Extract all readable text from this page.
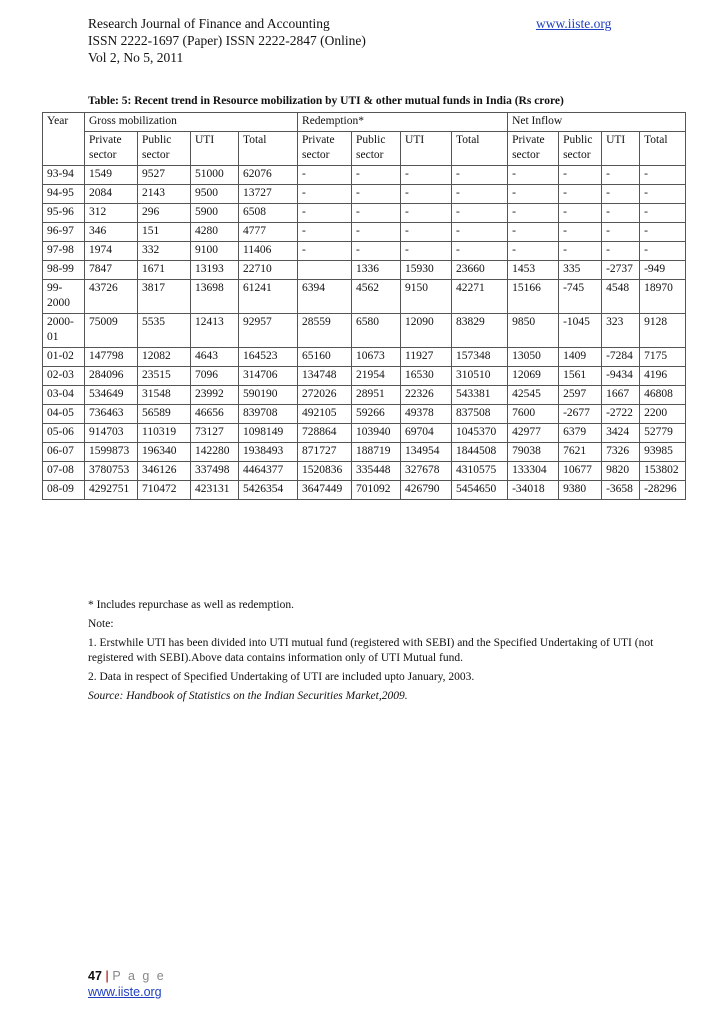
Research Journal of Finance and Accounting	www.iiste.org
ISSN 2222-1697 (Paper) ISSN 2222-2847 (Online)
Vol 2, No 5, 2011
Table: 5: Recent trend in Resource mobilization by UTI & other mutual funds in India (Rs crore)
Year	Gross mobilization				Redemption*				Net Inflow			
	Private sector	Public sector	UTI	Total	Private sector	Public sector	UTI	Total	Private sector	Public sector	UTI	Total
93-94	1549	9527	51000	62076	-	-	-	-	-	-	-	-
94-95	2084	2143	9500	13727	-	-	-	-	-	-	-	-
95-96	312	296	5900	6508	-	-	-	-	-	-	-	-
96-97	346	151	4280	4777	-	-	-	-	-	-	-	-
97-98	1974	332	9100	11406	-	-	-	-	-	-	-	-
98-99	7847	1671	13193	22710		1336	15930	23660	1453	335	-2737	-949
99-2000	43726	3817	13698	61241	6394	4562	9150	42271	15166	-745	4548	18970
2000-01	75009	5535	12413	92957	28559	6580	12090	83829	9850	-1045	323	9128
01-02	147798	12082	4643	164523	65160	10673	11927	157348	13050	1409	-7284	7175
02-03	284096	23515	7096	314706	134748	21954	16530	310510	12069	1561	-9434	4196
03-04	534649	31548	23992	590190	272026	28951	22326	543381	42545	2597	1667	46808
04-05	736463	56589	46656	839708	492105	59266	49378	837508	7600	-2677	-2722	2200
05-06	914703	110319	73127	1098149	728864	103940	69704	1045370	42977	6379	3424	52779
06-07	1599873	196340	142280	1938493	871727	188719	134954	1844508	79038	7621	7326	93985
07-08	3780753	346126	337498	4464377	1520836	335448	327678	4310575	133304	10677	9820	153802
08-09	4292751	710472	423131	5426354	3647449	701092	426790	5454650	-34018	9380	-3658	-28296

* Includes repurchase as well as redemption.

Note:

1. Erstwhile UTI has been divided into UTI mutual fund (registered with SEBI) and the Specified Undertaking of UTI (not registered with SEBI).Above data contains information only of UTI Mutual fund.

2. Data in respect of Specified Undertaking of UTI are included upto January, 2003.

Source: Handbook of Statistics on the Indian Securities Market,2009.

47 | P a g e
www.iiste.org
